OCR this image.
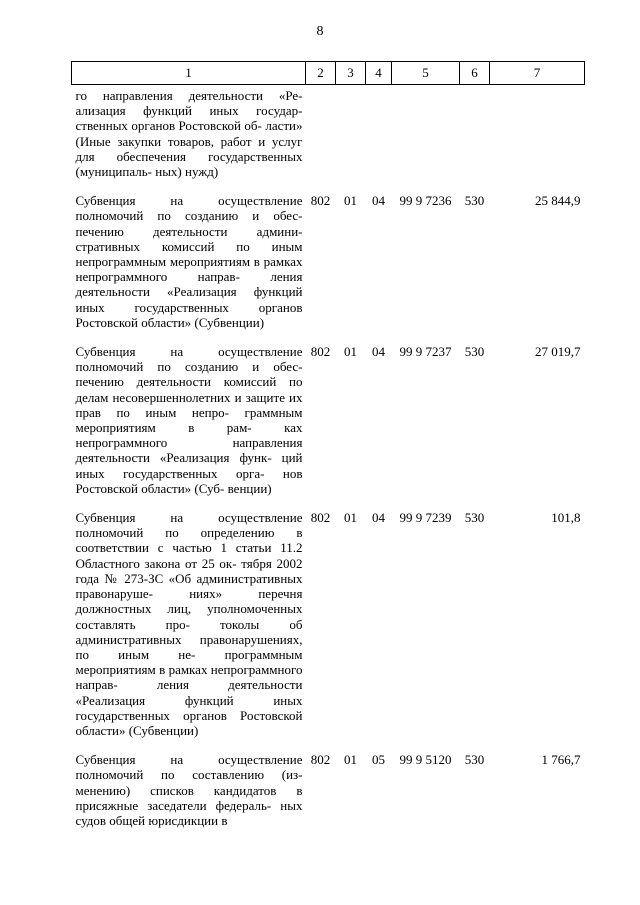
8
1	2	3	4	5	6	7
го направления деятельности «Ре- ализация функций иных государ- ственных органов Ростовской об- ласти» (Иные закупки товаров, работ и услуг для обеспечения государственных (муниципаль- ных) нужд)						
Субвенция на осуществление полномочий по созданию и обес- печению деятельности админи- стративных комиссий по иным непрограммным мероприятиям в рамках непрограммного направ- ления деятельности «Реализация функций иных государственных органов Ростовской области» (Субвенции)	802	01	04	99 9 7236	530	25 844,9
Субвенция на осуществление полномочий по созданию и обес- печению деятельности комиссий по делам несовершеннолетних и защите их прав по иным непро- граммным мероприятиям в рам- ках непрограммного направления деятельности «Реализация функ- ций иных государственных орга- нов Ростовской области» (Суб- венции)	802	01	04	99 9 7237	530	27 019,7
Субвенция на осуществление полномочий по определению в соответствии с частью 1 статьи 11.2 Областного закона от 25 ок- тября 2002 года № 273-ЗС «Об административных правонаруше- ниях» перечня должностных лиц, уполномоченных составлять про- токолы об административных правонарушениях, по иным не- программным мероприятиям в рамках непрограммного направ- ления деятельности «Реализация функций иных государственных органов Ростовской области» (Субвенции)	802	01	04	99 9 7239	530	101,8
Субвенция на осуществление полномочий по составлению (из- менению) списков кандидатов в присяжные заседатели федераль- ных судов общей юрисдикции в	802	01	05	99 9 5120	530	1 766,7
